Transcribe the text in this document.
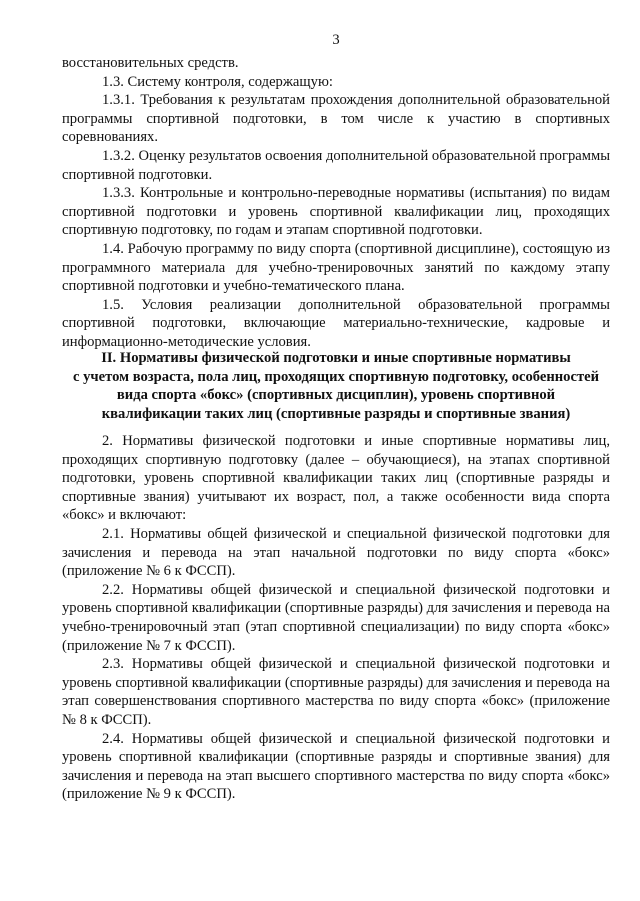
3

восстановительных средств.

1.3. Систему контроля, содержащую:

1.3.1. Требования к результатам прохождения дополнительной образовательной программы спортивной подготовки, в том числе к участию в спортивных соревнованиях.

1.3.2. Оценку результатов освоения дополнительной образовательной программы спортивной подготовки.

1.3.3. Контрольные и контрольно-переводные нормативы (испытания) по видам спортивной подготовки и уровень спортивной квалификации лиц, проходящих спортивную подготовку, по годам и этапам спортивной подготовки.

1.4. Рабочую программу по виду спорта (спортивной дисциплине), состоящую из программного материала для учебно-тренировочных занятий по каждому этапу спортивной подготовки и учебно-тематического плана.

1.5. Условия реализации дополнительной образовательной программы спортивной подготовки, включающие материально-технические, кадровые и информационно-методические условия.

II. Нормативы физической подготовки и иные спортивные нормативы
с учетом возраста, пола лиц, проходящих спортивную подготовку, особенностей
вида спорта «бокс» (спортивных дисциплин), уровень спортивной
квалификации таких лиц (спортивные разряды и спортивные звания)

2. Нормативы физической подготовки и иные спортивные нормативы лиц, проходящих спортивную подготовку (далее – обучающиеся), на этапах спортивной подготовки, уровень спортивной квалификации таких лиц (спортивные разряды и спортивные звания) учитывают их возраст, пол, а также особенности вида спорта «бокс» и включают:

2.1. Нормативы общей физической и специальной физической подготовки для зачисления и перевода на этап начальной подготовки по виду спорта «бокс» (приложение № 6 к ФССП).

2.2. Нормативы общей физической и специальной физической подготовки и уровень спортивной квалификации (спортивные разряды) для зачисления и перевода на учебно-тренировочный этап (этап спортивной специализации) по виду спорта «бокс» (приложение № 7 к ФССП).

2.3. Нормативы общей физической и специальной физической подготовки и уровень спортивной квалификации (спортивные разряды) для зачисления и перевода на этап совершенствования спортивного мастерства по виду спорта «бокс» (приложение № 8 к ФССП).

2.4. Нормативы общей физической и специальной физической подготовки и уровень спортивной квалификации (спортивные разряды и спортивные звания) для зачисления и перевода на этап высшего спортивного мастерства по виду спорта «бокс» (приложение № 9 к ФССП).
